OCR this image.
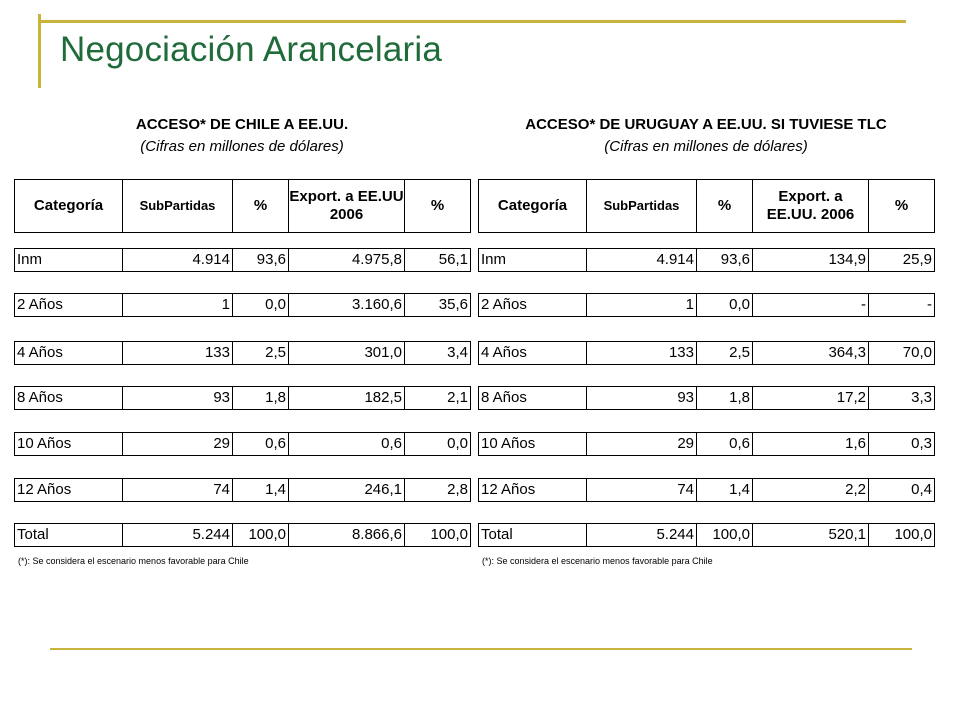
Negociación Arancelaria
ACCESO* DE CHILE A EE.UU.
(Cifras en millones de dólares)
Categoría	SubPartidas	%	Export. a EE.UU 2006	%
Inm	4.914	93,6	4.975,8	56,1
2 Años	1	0,0	3.160,6	35,6
4 Años	133	2,5	301,0	3,4
8 Años	93	1,8	182,5	2,1
10 Años	29	0,6	0,6	0,0
12 Años	74	1,4	246,1	2,8
Total	5.244	100,0	8.866,6	100,0
(*): Se considera el escenario menos favorable para Chile
ACCESO* DE URUGUAY A EE.UU. SI TUVIESE TLC
(Cifras en millones de dólares)
Categoría	SubPartidas	%	Export. a EE.UU. 2006	%
Inm	4.914	93,6	134,9	25,9
2 Años	1	0,0	-	-
4 Años	133	2,5	364,3	70,0
8 Años	93	1,8	17,2	3,3
10 Años	29	0,6	1,6	0,3
12 Años	74	1,4	2,2	0,4
Total	5.244	100,0	520,1	100,0
(*): Se considera el escenario menos favorable para Chile
